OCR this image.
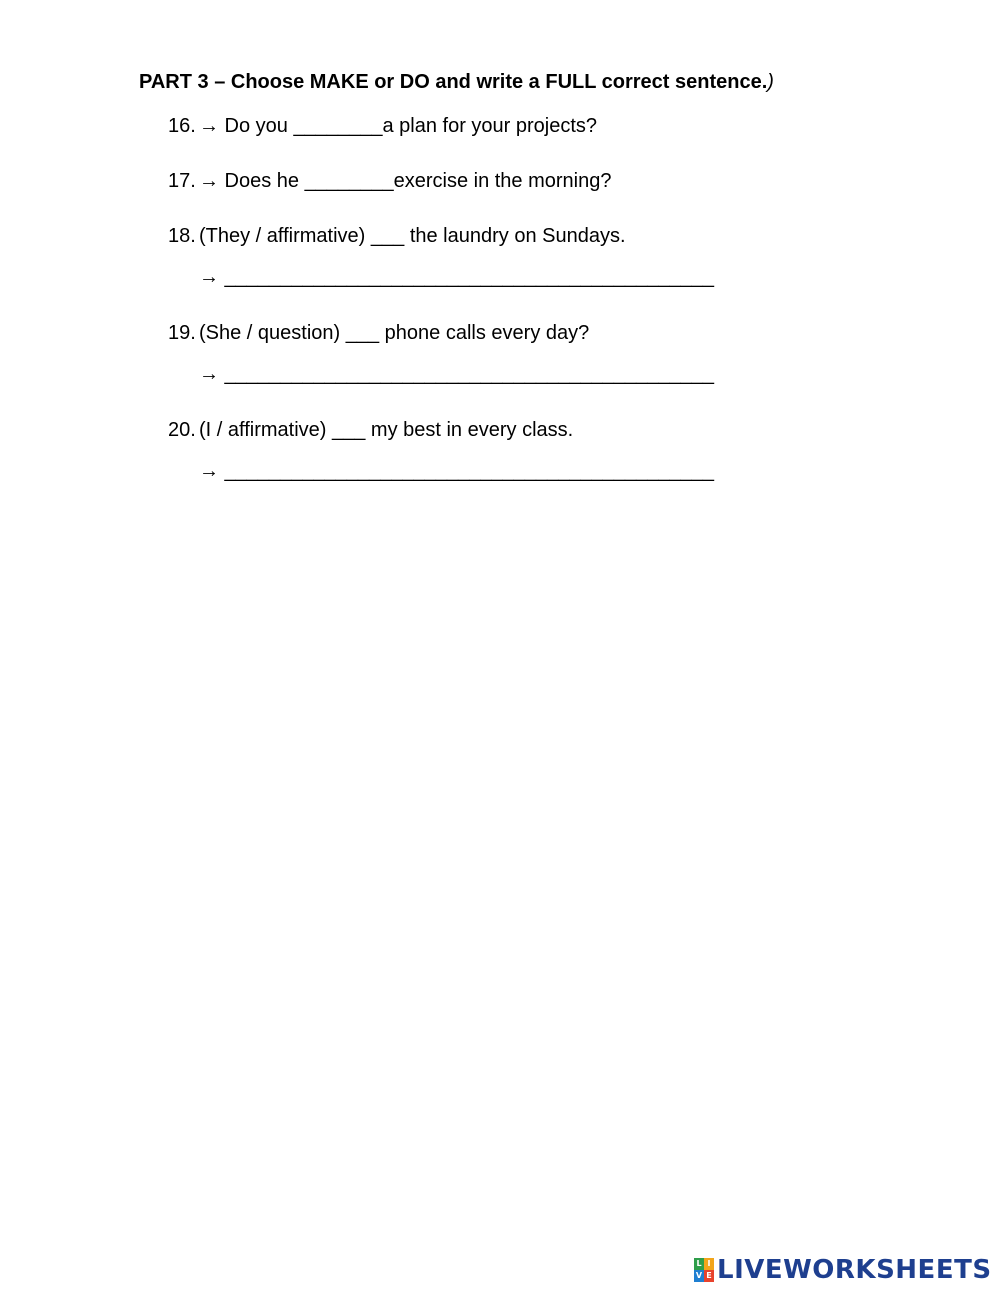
PART 3 – Choose MAKE or DO and write a FULL correct sentence.)
16. → Do you ________a plan for your projects?
17. → Does he ________exercise in the morning?
18. (They / affirmative) ___ the laundry on Sundays.
→ ____________________________________________
19. (She / question) ___ phone calls every day?
→ ____________________________________________
20. (I / affirmative) ___ my best in every class.
→ ____________________________________________
L I
V E LIVEWORKSHEETS
